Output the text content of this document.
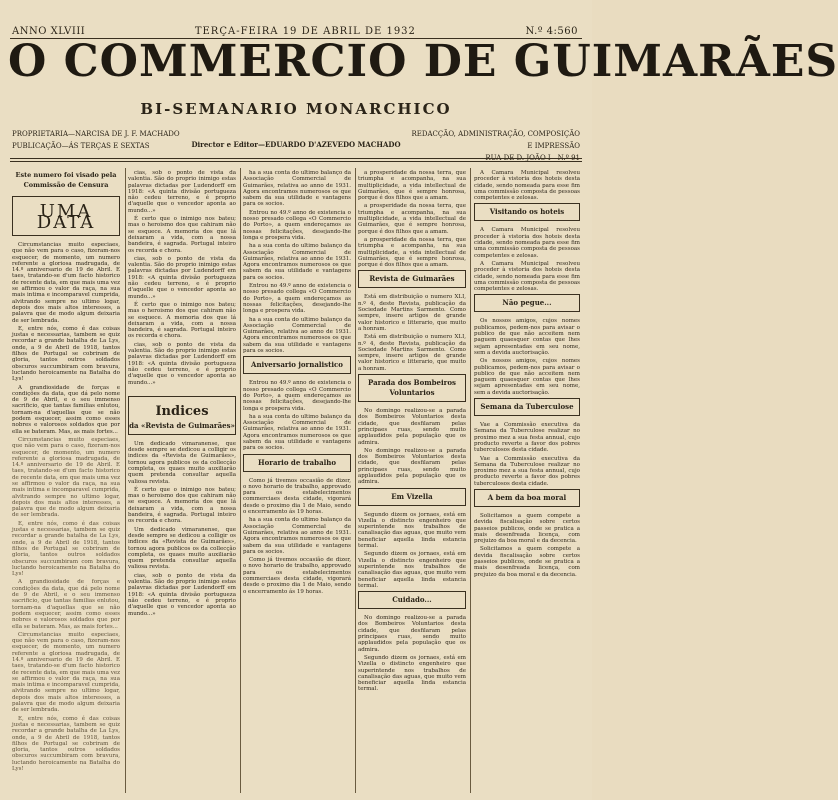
ANNO XLVIII	TERÇA-FEIRA 19 DE ABRIL DE 1932	N.º 4:560
O COMMERCIO DE GUIMARÃES
BI-SEMANARIO MONARCHICO
PROPRIETARIA—NARCISA DE J. F. MACHADO
PUBLICAÇÃO—ÁS TERÇAS E SEXTAS	Director e Editor—EDUARDO D'AZEVEDO MACHADO
REDACÇÃO, ADMINISTRAÇÃO, COMPOSIÇÃO E IMPRESSÃO
RUA DE D. JOÃO I—N.º 91
Este numero foi visado pela Commissão de Censura
UMA DATA

Circumstancias muito especiaes, que não vem para o caso, fizeram-nos esquecer, de momento, um numero referente a gloriosa madrugada, de 14.º anniversario de 19 de Abril. E taes, tratando-se d'um facto historico de recente data, em que mais uma vez se affirmou o valor da raça, na sua mais intima e incomparavel cumprida, alvitrando sempre no ultimo logar, depois dos mais altos interesses, a palavra que de modo algum deixaria de ser lembrada.

E, entre nós, como é das coisas justas e necessarias, tambem se quiz recordar a grande batalha de La Lys, onde, a 9 de Abril de 1918, tantos filhos de Portugal se cobriram de gloria, tantos outros soldados obscuros succumbiram com bravura, luctando heroicamente na Batalha do Lys!

A grandiosidade de forças e condições da data, que dá pelo nome de 9 de Abril, e o seu immenso sacrificio, que tantas familias enlutou, tornam-na d'aquellas que se não podem esquecer, assim como esses nobres e valorosos soldados que por ella se bateram. Mas, as mais fortes...

Circumstancias muito especiaes, que não vem para o caso, fizeram-nos esquecer, de momento, um numero referente a gloriosa madrugada, de 14.º anniversario de 19 de Abril. E taes, tratando-se d'um facto historico de recente data, em que mais uma vez se affirmou o valor da raça, na sua mais intima e incomparavel cumprida, alvitrando sempre no ultimo logar, depois dos mais altos interesses, a palavra que de modo algum deixaria de ser lembrada.

E, entre nós, como é das coisas justas e necessarias, tambem se quiz recordar a grande batalha de La Lys, onde, a 9 de Abril de 1918, tantos filhos de Portugal se cobriram de gloria, tantos outros soldados obscuros succumbiram com bravura, luctando heroicamente na Batalha do Lys!

A grandiosidade de forças e condições da data, que dá pelo nome de 9 de Abril, e o seu immenso sacrificio, que tantas familias enlutou, tornam-na d'aquellas que se não podem esquecer, assim como esses nobres e valorosos soldados que por ella se bateram. Mas, as mais fortes...

Circumstancias muito especiaes, que não vem para o caso, fizeram-nos esquecer, de momento, um numero referente a gloriosa madrugada, de 14.º anniversario de 19 de Abril. E taes, tratando-se d'um facto historico de recente data, em que mais uma vez se affirmou o valor da raça, na sua mais intima e incomparavel cumprida, alvitrando sempre no ultimo logar, depois dos mais altos interesses, a palavra que de modo algum deixaria de ser lembrada.

E, entre nós, como é das coisas justas e necessarias, tambem se quiz recordar a grande batalha de La Lys, onde, a 9 de Abril de 1918, tantos filhos de Portugal se cobriram de gloria, tantos outros soldados obscuros succumbiram com bravura, luctando heroicamente na Batalha do Lys!

cias, sob o ponto de vista da valentia. São do proprio inimigo estas palavras dictadas por Ludendorff em 1918: «A quinta divisão portugueza não cedeu terreno, e é proprio d'aquelle que o vencedor aponta ao mundo...»

É certo que o inimigo nos bateu; mas o heroismo dos que cahiram não se esquece. A memoria dos que lá deixaram a vida, com a nossa bandeira, é sagrada. Portugal inteiro os recorda e chora.

cias, sob o ponto de vista da valentia. São do proprio inimigo estas palavras dictadas por Ludendorff em 1918: «A quinta divisão portugueza não cedeu terreno, e é proprio d'aquelle que o vencedor aponta ao mundo...»

É certo que o inimigo nos bateu; mas o heroismo dos que cahiram não se esquece. A memoria dos que lá deixaram a vida, com a nossa bandeira, é sagrada. Portugal inteiro os recorda e chora.

cias, sob o ponto de vista da valentia. São do proprio inimigo estas palavras dictadas por Ludendorff em 1918: «A quinta divisão portugueza não cedeu terreno, e é proprio d'aquelle que o vencedor aponta ao mundo...»

Indices
da «Revista de Guimarães»

Um dedicado vimaranense, que desde sempre se dedicou a colligir os indices da «Revista de Guimarães», tornou agora publicos os da collecção completa, os quaes muito auxiliarão quem pretenda consultar aquella valiosa revista.

É certo que o inimigo nos bateu; mas o heroismo dos que cahiram não se esquece. A memoria dos que lá deixaram a vida, com a nossa bandeira, é sagrada. Portugal inteiro os recorda e chora.

Um dedicado vimaranense, que desde sempre se dedicou a colligir os indices da «Revista de Guimarães», tornou agora publicos os da collecção completa, os quaes muito auxiliarão quem pretenda consultar aquella valiosa revista.

cias, sob o ponto de vista da valentia. São do proprio inimigo estas palavras dictadas por Ludendorff em 1918: «A quinta divisão portugueza não cedeu terreno, e é proprio d'aquelle que o vencedor aponta ao mundo...»

ha a sua conta do ultimo balanço da Associação Commercial de Guimarães, relativa ao anno de 1931. Agora encontramos numerosos os que sabem da sua utilidade e vantagens para os socios.

Entrou no 49.º anno de existencia o nosso presado collega «O Commercio do Porto», a quem endereçamos as nossas felicitações, desejando-lhe longa e prospera vida.

ha a sua conta do ultimo balanço da Associação Commercial de Guimarães, relativa ao anno de 1931. Agora encontramos numerosos os que sabem da sua utilidade e vantagens para os socios.

Entrou no 49.º anno de existencia o nosso presado collega «O Commercio do Porto», a quem endereçamos as nossas felicitações, desejando-lhe longa e prospera vida.

ha a sua conta do ultimo balanço da Associação Commercial de Guimarães, relativa ao anno de 1931. Agora encontramos numerosos os que sabem da sua utilidade e vantagens para os socios.

Aniversario jornalistico

Entrou no 49.º anno de existencia o nosso presado collega «O Commercio do Porto», a quem endereçamos as nossas felicitações, desejando-lhe longa e prospera vida.

ha a sua conta do ultimo balanço da Associação Commercial de Guimarães, relativa ao anno de 1931. Agora encontramos numerosos os que sabem da sua utilidade e vantagens para os socios.

Horario de trabalho

Como já tivemos occasião de dizer, o novo horario de trabalho, approvado para os estabelecimentos commerciaes desta cidade, vigorará desde o proximo dia 1 de Maio, sendo o encerramento ás 19 horas.

ha a sua conta do ultimo balanço da Associação Commercial de Guimarães, relativa ao anno de 1931. Agora encontramos numerosos os que sabem da sua utilidade e vantagens para os socios.

Como já tivemos occasião de dizer, o novo horario de trabalho, approvado para os estabelecimentos commerciaes desta cidade, vigorará desde o proximo dia 1 de Maio, sendo o encerramento ás 19 horas.

a prosperidade da nossa terra, que triumpha e acompanha, na sua multiplicidade, a vida intellectual de Guimarães, que é sempre honrosa, porque é dos filhos que a amam.

a prosperidade da nossa terra, que triumpha e acompanha, na sua multiplicidade, a vida intellectual de Guimarães, que é sempre honrosa, porque é dos filhos que a amam.

a prosperidade da nossa terra, que triumpha e acompanha, na sua multiplicidade, a vida intellectual de Guimarães, que é sempre honrosa, porque é dos filhos que a amam.

Revista de Guimarães

Está em distribuição o numero XLI, n.º 4, deste Revista, publicação da Sociedade Martins Sarmento. Como sempre, insere artigos de grande valor historico e litterario, que muito a honram.

Está em distribuição o numero XLI, n.º 4, deste Revista, publicação da Sociedade Martins Sarmento. Como sempre, insere artigos de grande valor historico e litterario, que muito a honram.

Parada dos Bombeiros Voluntarios

No domingo realizou-se a parada dos Bombeiros Voluntarios desta cidade, que desfilaram pelas principaes ruas, sendo muito applaudidos pela população que os admira.

No domingo realizou-se a parada dos Bombeiros Voluntarios desta cidade, que desfilaram pelas principaes ruas, sendo muito applaudidos pela população que os admira.

Em Vizella

Segundo dizem os jornaes, está em Vizella o distincto engenheiro que superintende nos trabalhos de canalisação das aguas, que muito vem beneficiar aquella linda estancia termal.

Segundo dizem os jornaes, está em Vizella o distincto engenheiro que superintende nos trabalhos de canalisação das aguas, que muito vem beneficiar aquella linda estancia termal.

Cuidado...

No domingo realizou-se a parada dos Bombeiros Voluntarios desta cidade, que desfilaram pelas principaes ruas, sendo muito applaudidos pela população que os admira.

Segundo dizem os jornaes, está em Vizella o distincto engenheiro que superintende nos trabalhos de canalisação das aguas, que muito vem beneficiar aquella linda estancia termal.

A Camara Municipal resolveu proceder à vistoria dos hoteis desta cidade, sendo nomeada para esse fim uma commissão composta de pessoas competentes e zelosas.

Visitando os hoteis

A Camara Municipal resolveu proceder à vistoria dos hoteis desta cidade, sendo nomeada para esse fim uma commissão composta de pessoas competentes e zelosas.

A Camara Municipal resolveu proceder à vistoria dos hoteis desta cidade, sendo nomeada para esse fim uma commissão composta de pessoas competentes e zelosas.

Não pegue...

Os nossos amigos, cujos nomes publicamos, pedem-nos para avisar o publico de que não acceitem nem paguem quaesquer contas que lhes sejam apresentadas em seu nome, sem a devida auctorisação.

Os nossos amigos, cujos nomes publicamos, pedem-nos para avisar o publico de que não acceitem nem paguem quaesquer contas que lhes sejam apresentadas em seu nome, sem a devida auctorisação.

Semana da Tuberculose

Vae a Commissão executiva da Semana da Tuberculose realizar no proximo mez a sua festa annual, cujo producto reverte a favor dos pobres tuberculosos desta cidade.

Vae a Commissão executiva da Semana da Tuberculose realizar no proximo mez a sua festa annual, cujo producto reverte a favor dos pobres tuberculosos desta cidade.

A bem da boa moral

Solicitamos a quem compete a devida fiscalisação sobre certos passeios publicos, onde se pratica a mais desenfreada licença, com prejuizo da boa moral e da decencia.

Solicitamos a quem compete a devida fiscalisação sobre certos passeios publicos, onde se pratica a mais desenfreada licença, com prejuizo da boa moral e da decencia.
